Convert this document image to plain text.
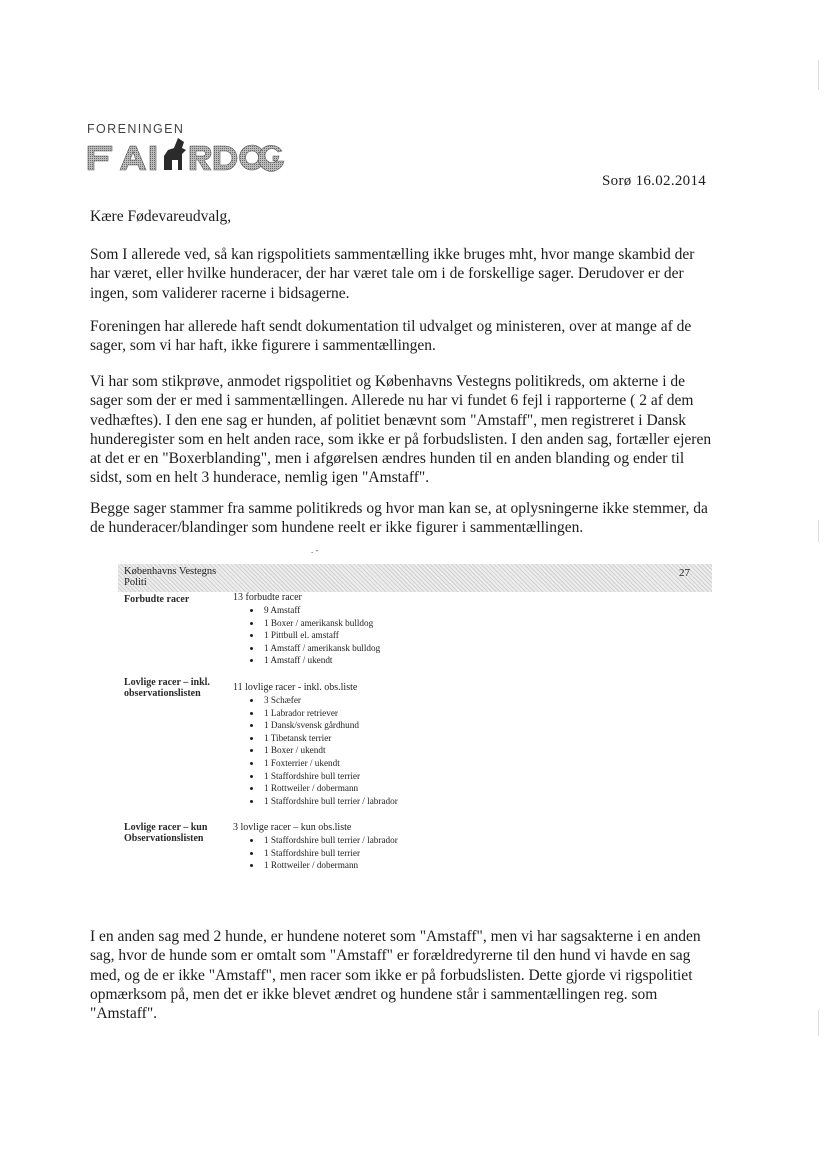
FORENINGEN
Sorø 16.02.2014
Kære Fødevareudvalg,

Som I allerede ved, så kan rigspolitiets sammentælling ikke bruges mht, hvor mange skambid der

har været, eller hvilke hunderacer, der har været tale om i de forskellige sager. Derudover er der

ingen, som validerer racerne i bidsagerne.

Foreningen har allerede haft sendt dokumentation til udvalget og ministeren, over at mange af de

sager, som vi har haft, ikke figurere i sammentællingen.

Vi har som stikprøve, anmodet rigspolitiet og Københavns Vestegns politikreds, om akterne i de

sager som der er med i sammentællingen. Allerede nu har vi fundet 6 fejl i rapporterne ( 2 af dem

vedhæftes). I den ene sag er hunden, af politiet benævnt som "Amstaff", men registreret i Dansk

hunderegister som en helt anden race, som ikke er på forbudslisten. I den anden sag, fortæller ejeren

at det er en "Boxerblanding", men i afgørelsen ændres hunden til en anden blanding og ender til

sidst, som en helt 3 hunderace, nemlig igen "Amstaff".

Begge sager stammer fra samme politikreds og hvor man kan se, at oplysningerne ikke stemmer, da

de hunderacer/blandinger som hundene reelt er ikke figurer i sammentællingen.

. -
Københavns Vestegns
Politi
27
Forbudte racer	13 forbudte racer
• 9 Amstaff
• 1 Boxer / amerikansk bulldog
• 1 Pittbull el. amstaff
• 1 Amstaff / amerikansk bulldog
• 1 Amstaff / ukendt
Lovlige racer – inkl.
observationslisten
11 lovlige racer - inkl. obs.liste
• 3 Schæfer
• 1 Labrador retriever
• 1 Dansk/svensk gårdhund
• 1 Tibetansk terrier
• 1 Boxer / ukendt
• 1 Foxterrier / ukendt
• 1 Staffordshire bull terrier
• 1 Rottweiler / dobermann
• 1 Staffordshire bull terrier / labrador
Lovlige racer – kun
Observationslisten
3 lovlige racer – kun obs.liste
• 1 Staffordshire bull terrier / labrador
• 1 Staffordshire bull terrier
• 1 Rottweiler / dobermann

I en anden sag med 2 hunde, er hundene noteret som "Amstaff", men vi har sagsakterne i en anden

sag, hvor de hunde som er omtalt som "Amstaff" er forældredyrerne til den hund vi havde en sag

med, og de er ikke "Amstaff", men racer som ikke er på forbudslisten. Dette gjorde vi rigspolitiet

opmærksom på, men det er ikke blevet ændret og hundene står i sammentællingen reg. som

"Amstaff".
